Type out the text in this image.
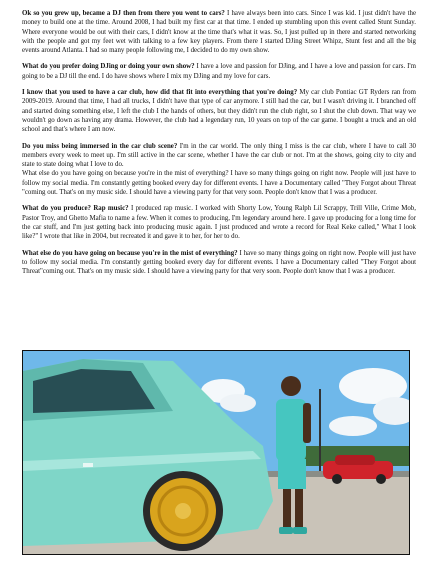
Ok so you grew up, became a DJ then from there you went to cars? I have always been into cars. Since I was kid. I just didn't have the money to build one at the time. Around 2008, I had built my first car at that time. I ended up stumbling upon this event called Stunt Sunday. Where everyone would be out with their cars, I didn't know at the time that's what it was. So, I just pulled up in there and started networking with the people and got my feet wet with talking to a few key players. From there I started DJing Street Whipz, Stunt fest and all the big events around Atlanta. I had so many people following me, I decided to do my own show.

What do you prefer doing DJing or doing your own show? I have a love and passion for DJing, and I have a love and passion for cars. I'm going to be a DJ till the end. I do have shows where I mix my DJing and my love for cars.

I know that you used to have a car club, how did that fit into everything that you're doing? My car club Pontiac GT Ryders ran from 2009-2019. Around that time, I had all trucks, I didn't have that type of car anymore. I still had the car, but I wasn't driving it. I branched off and started doing something else, I left the club I the hands of others, but they didn't run the club right, so I shut the club down. That way we wouldn't go down as having any drama. However, the club had a legendary run, 10 years on top of the car game. I bought a truck and an old school and that's where I am now.

Do you miss being immersed in the car club scene? I'm in the car world. The only thing I miss is the car club, where I have to call 30 members every week to meet up. I'm still active in the car scene, whether I have the car club or not. I'm at the shows, going city to city and state to state doing what I love to do.

What else do you have going on because you're in the mist of everything? I have so many things going on right now. People will just have to follow my social media. I'm constantly getting booked every day for different events. I have a Documentary called "They Forgot about Threat "coming out. That's on my music side. I should have a viewing party for that very soon. People don't know that I was a producer.

What do you produce? Rap music? I produced rap music. I worked with Shorty Low, Young Ralph Lil Scrappy, Trill Ville, Crime Mob, Pastor Troy, and Ghetto Mafia to name a few. When it comes to producing, I'm legendary around here. I gave up producing for a long time for the car stuff, and I'm just getting back into producing music again. I just produced and wrote a record for Real Keke called," What I look like?" I wrote that like in 2004, but recreated it and gave it to her, for her to do.

What else do you have going on because you're in the mist of everything? I have so many things going on right now. People will just have to follow my social media. I'm constantly getting booked every day for different events. I have a Documentary called "They Forgot about Threat"coming out. That's on my music side. I should have a viewing party for that very soon. People don't know that I was a producer.
